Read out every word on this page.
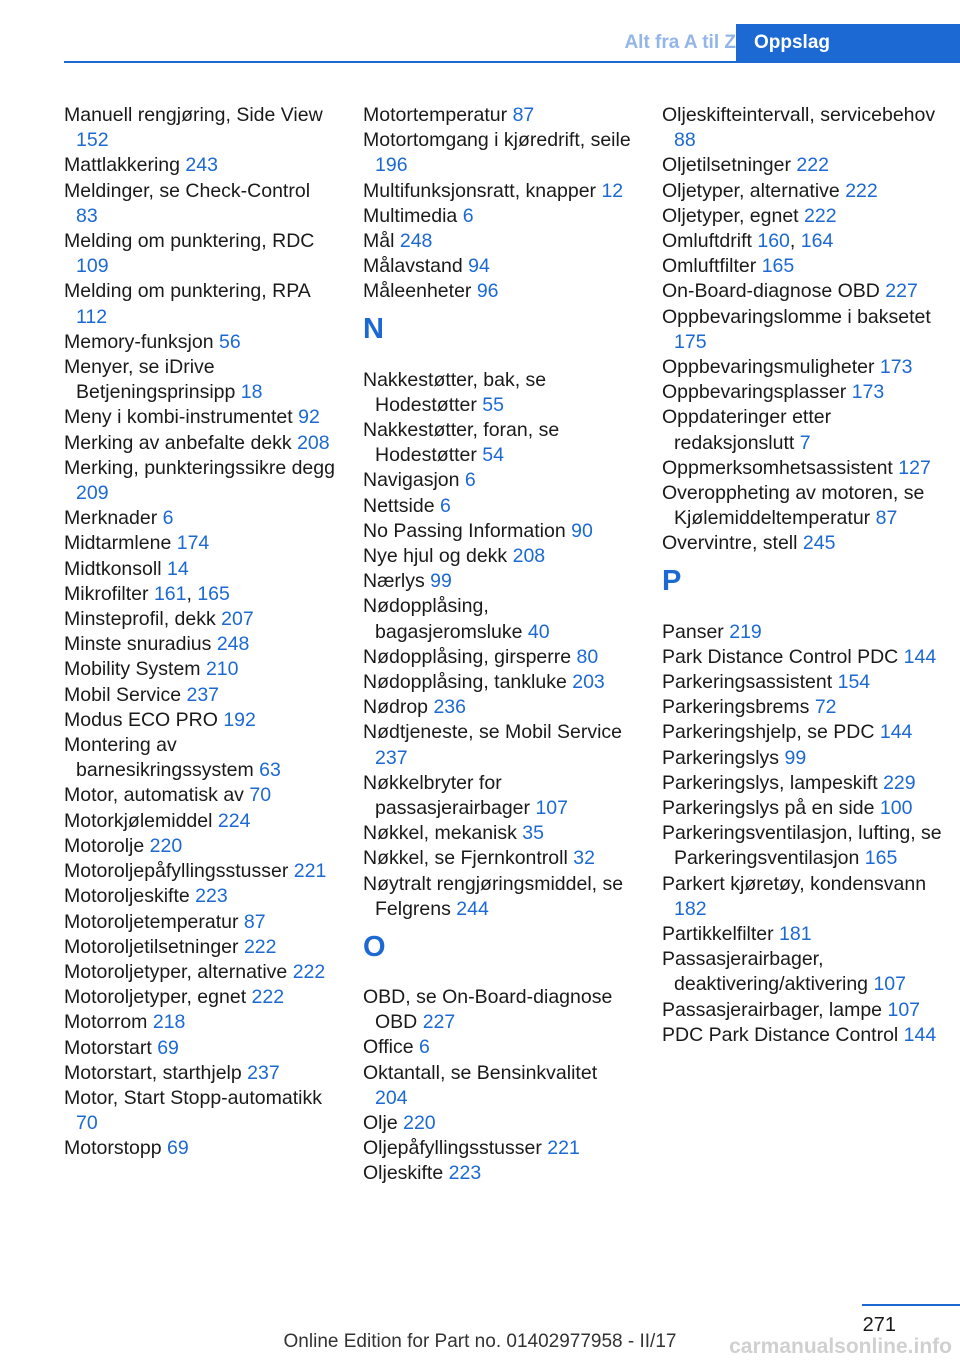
Alt fra A til Z Oppslag
Manuell rengjøring, Side View 152
Mattlakkering 243
Meldinger, se Check-Control 83
Melding om punktering, RDC 109
Melding om punktering, RPA 112
Memory-funksjon 56
Menyer, se iDrive Betjeningsprinsipp 18
Meny i kombi-instrumentet 92
Merking av anbefalte dekk 208
Merking, punkteringssikre degg 209
Merknader 6
Midtarmlene 174
Midtkonsoll 14
Mikrofilter 161, 165
Minsteprofil, dekk 207
Minste snuradius 248
Mobility System 210
Mobil Service 237
Modus ECO PRO 192
Montering av barnesikringssystem 63
Motor, automatisk av 70
Motorkjølemiddel 224
Motorolje 220
Motoroljepåfyllingsstusser 221
Motoroljeskifte 223
Motoroljetemperatur 87
Motoroljetilsetninger 222
Motoroljetyper, alternative 222
Motoroljetyper, egnet 222
Motorrom 218
Motorstart 69
Motorstart, starthjelp 237
Motor, Start Stopp-automatikk 70
Motorstopp 69
Motortemperatur 87
Motortomgang i kjøredrift, seile 196
Multifunksjonsratt, knapper 12
Multimedia 6
Mål 248
Målavstand 94
Måleenheter 96
N
Nakkestøtter, bak, se Hodestøtter 55
Nakkestøtter, foran, se Hodestøtter 54
Navigasjon 6
Nettside 6
No Passing Information 90
Nye hjul og dekk 208
Nærlys 99
Nødopplåsing, bagasjeromsluke 40
Nødopplåsing, girsperre 80
Nødopplåsing, tankluke 203
Nødrop 236
Nødtjeneste, se Mobil Service 237
Nøkkelbryter for passasjerairbager 107
Nøkkel, mekanisk 35
Nøkkel, se Fjernkontroll 32
Nøytralt rengjøringsmiddel, se Felgrens 244
O
OBD, se On-Board-diagnose OBD 227
Office 6
Oktantall, se Bensinkvalitet 204
Olje 220
Oljepåfyllingsstusser 221
Oljeskifte 223
Oljeskifteintervall, servicebehov 88
Oljetilsetninger 222
Oljetyper, alternative 222
Oljetyper, egnet 222
Omluftdrift 160, 164
Omluftfilter 165
On-Board-diagnose OBD 227
Oppbevaringslomme i baksetet 175
Oppbevaringsmuligheter 173
Oppbevaringsplasser 173
Oppdateringer etter redaksjonslutt 7
Oppmerksomhetsassistent 127
Overoppheting av motoren, se Kjølemiddeltemperatur 87
Overvintre, stell 245
P
Panser 219
Park Distance Control PDC 144
Parkeringsassistent 154
Parkeringsbrems 72
Parkeringshjelp, se PDC 144
Parkeringslys 99
Parkeringslys, lampeskift 229
Parkeringslys på en side 100
Parkeringsventilasjon, lufting, se Parkeringsventilasjon 165
Parkert kjøretøy, kondensvann 182
Partikkelfilter 181
Passasjerairbager, deaktivering/aktivering 107
Passasjerairbager, lampe 107
PDC Park Distance Control 144
271
Online Edition for Part no. 01402977958 - II/17	carmanualsonline.info
